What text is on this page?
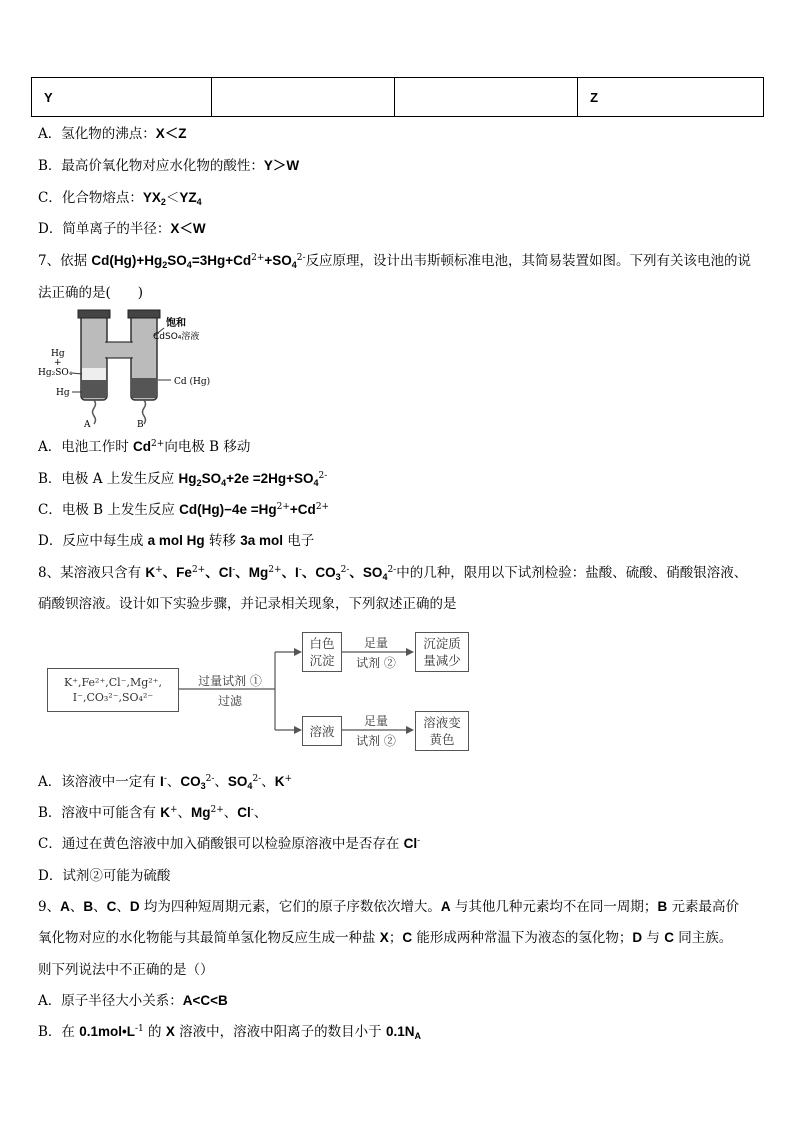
Y			Z
A．氢化物的沸点：X＜Z
B．最高价氧化物对应水化物的酸性：Y＞W
C．化合物熔点：$YX_2<YZ_4$
D．简单离子的半径：X＜W
7、依据 $Cd(Hg)+Hg_2SO_4=3Hg+Cd^{2+}+SO_4^{2-}$反应原理，设计出韦斯顿标准电池，其简易装置如图。下列有关该电池的说
法正确的是(　　)
饱和
CdSO₄溶液
Hg
+
Hg₂SO₄
Hg
Cd (Hg)
A	B
A．电池工作时 $Cd^{2+}$向电极 B 移动
B．电极 A 上发生反应 $Hg_2SO_4+2e =2Hg+SO_4^{2-}$
C．电极 B 上发生反应 $Cd(Hg)-4e =Hg^{2+}+Cd^{2+}$
D．反应中每生成 a mol Hg 转移 3a mol 电子
8、某溶液只含有 K+、$Fe^{2+}$、Cl-、$Mg^{2+}$、I-、$CO_3^{2-}$、$SO_4^{2-}$中的几种，限用以下试剂检验：盐酸、硫酸、硝酸银溶液、
硝酸钡溶液。设计如下实验步骤，并记录相关现象，下列叙述正确的是
K⁺,Fe²⁺,Cl⁻,Mg²⁺,
I⁻,CO₃²⁻,SO₄²⁻
过量试剂 ①
过滤
白色
沉淀
溶液
足量
试剂 ②
足量
试剂 ②
沉淀质
量减少
溶液变
黄色
A．该溶液中一定有 I-、$CO_3^{2-}$、$SO_4^{2-}$、K+
B．溶液中可能含有 K+、$Mg^{2+}$、Cl-、
C．通过在黄色溶液中加入硝酸银可以检验原溶液中是否存在 Cl-
D．试剂②可能为硫酸
9、A、B、C、D 均为四种短周期元素，它们的原子序数依次增大。A 与其他几种元素均不在同一周期；B 元素最高价
氧化物对应的水化物能与其最简单氢化物反应生成一种盐 X；C 能形成两种常温下为液态的氢化物；D 与 C 同主族。
则下列说法中不正确的是（）
A．原子半径大小关系：A<C<B
B．在 $0.1mol•L^{-1}$ 的 X 溶液中，溶液中阳离子的数目小于 $0.1N_A$
